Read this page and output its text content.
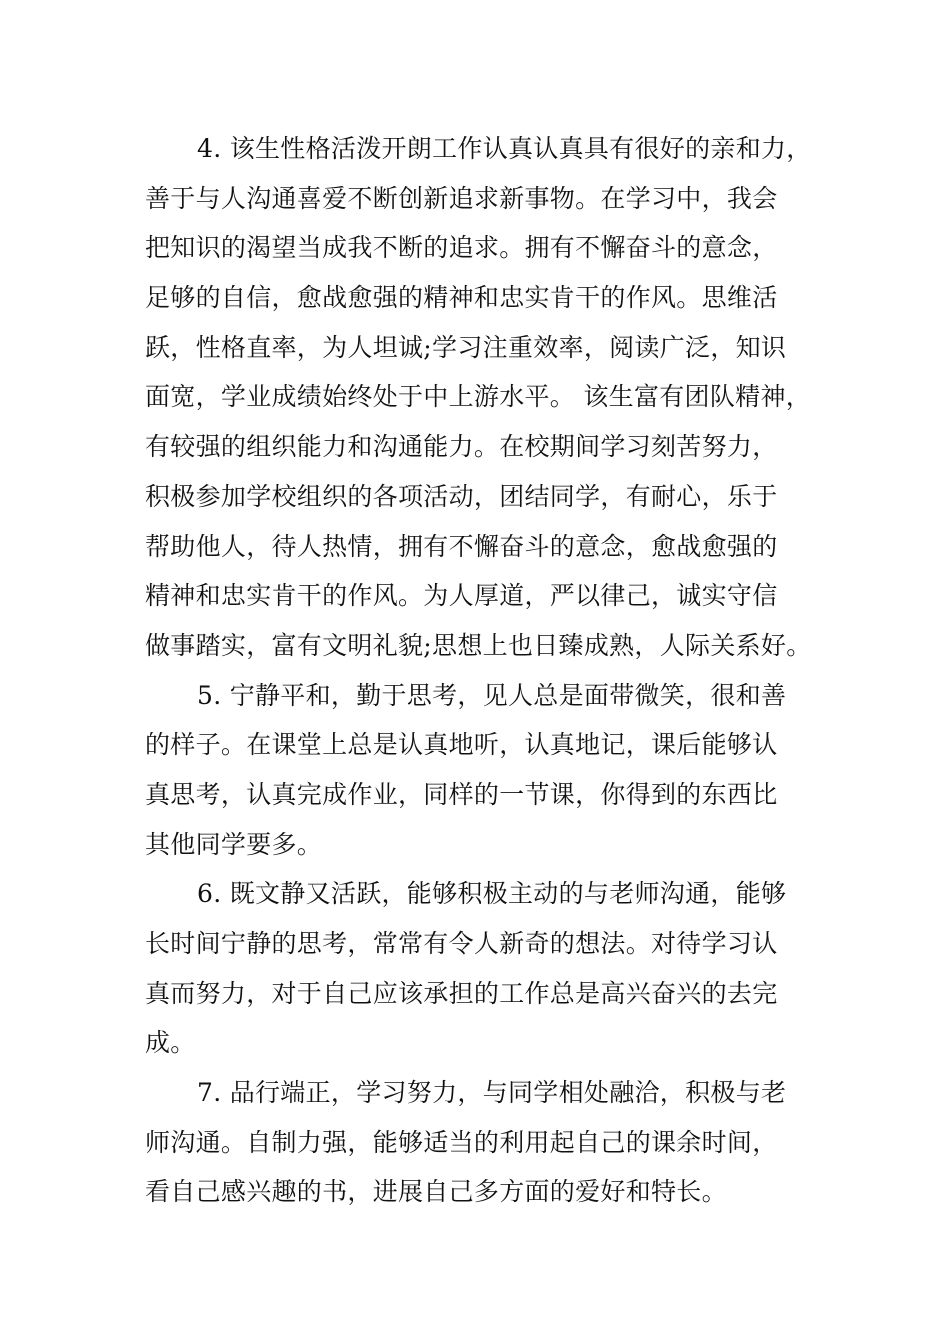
4. 该生性格活泼开朗工作认真认真具有很好的亲和力，
善于与人沟通喜爱不断创新追求新事物。在学习中，我会
把知识的渴望当成我不断的追求。拥有不懈奋斗的意念，
足够的自信，愈战愈强的精神和忠实肯干的作风。思维活
跃，性格直率，为人坦诚;学习注重效率，阅读广泛，知识
面宽，学业成绩始终处于中上游水平。 该生富有团队精神，
有较强的组织能力和沟通能力。在校期间学习刻苦努力，
积极参加学校组织的各项活动，团结同学，有耐心，乐于
帮助他人，待人热情，拥有不懈奋斗的意念，愈战愈强的
精神和忠实肯干的作风。为人厚道，严以律己，诚实守信
做事踏实，富有文明礼貌;思想上也日臻成熟，人际关系好。
5. 宁静平和，勤于思考，见人总是面带微笑，很和善
的样子。在课堂上总是认真地听，认真地记，课后能够认
真思考，认真完成作业，同样的一节课，你得到的东西比
其他同学要多。
6. 既文静又活跃，能够积极主动的与老师沟通，能够
长时间宁静的思考，常常有令人新奇的想法。对待学习认
真而努力，对于自己应该承担的工作总是高兴奋兴的去完
成。
7. 品行端正，学习努力，与同学相处融洽，积极与老
师沟通。自制力强，能够适当的利用起自己的课余时间，
看自己感兴趣的书，进展自己多方面的爱好和特长。
